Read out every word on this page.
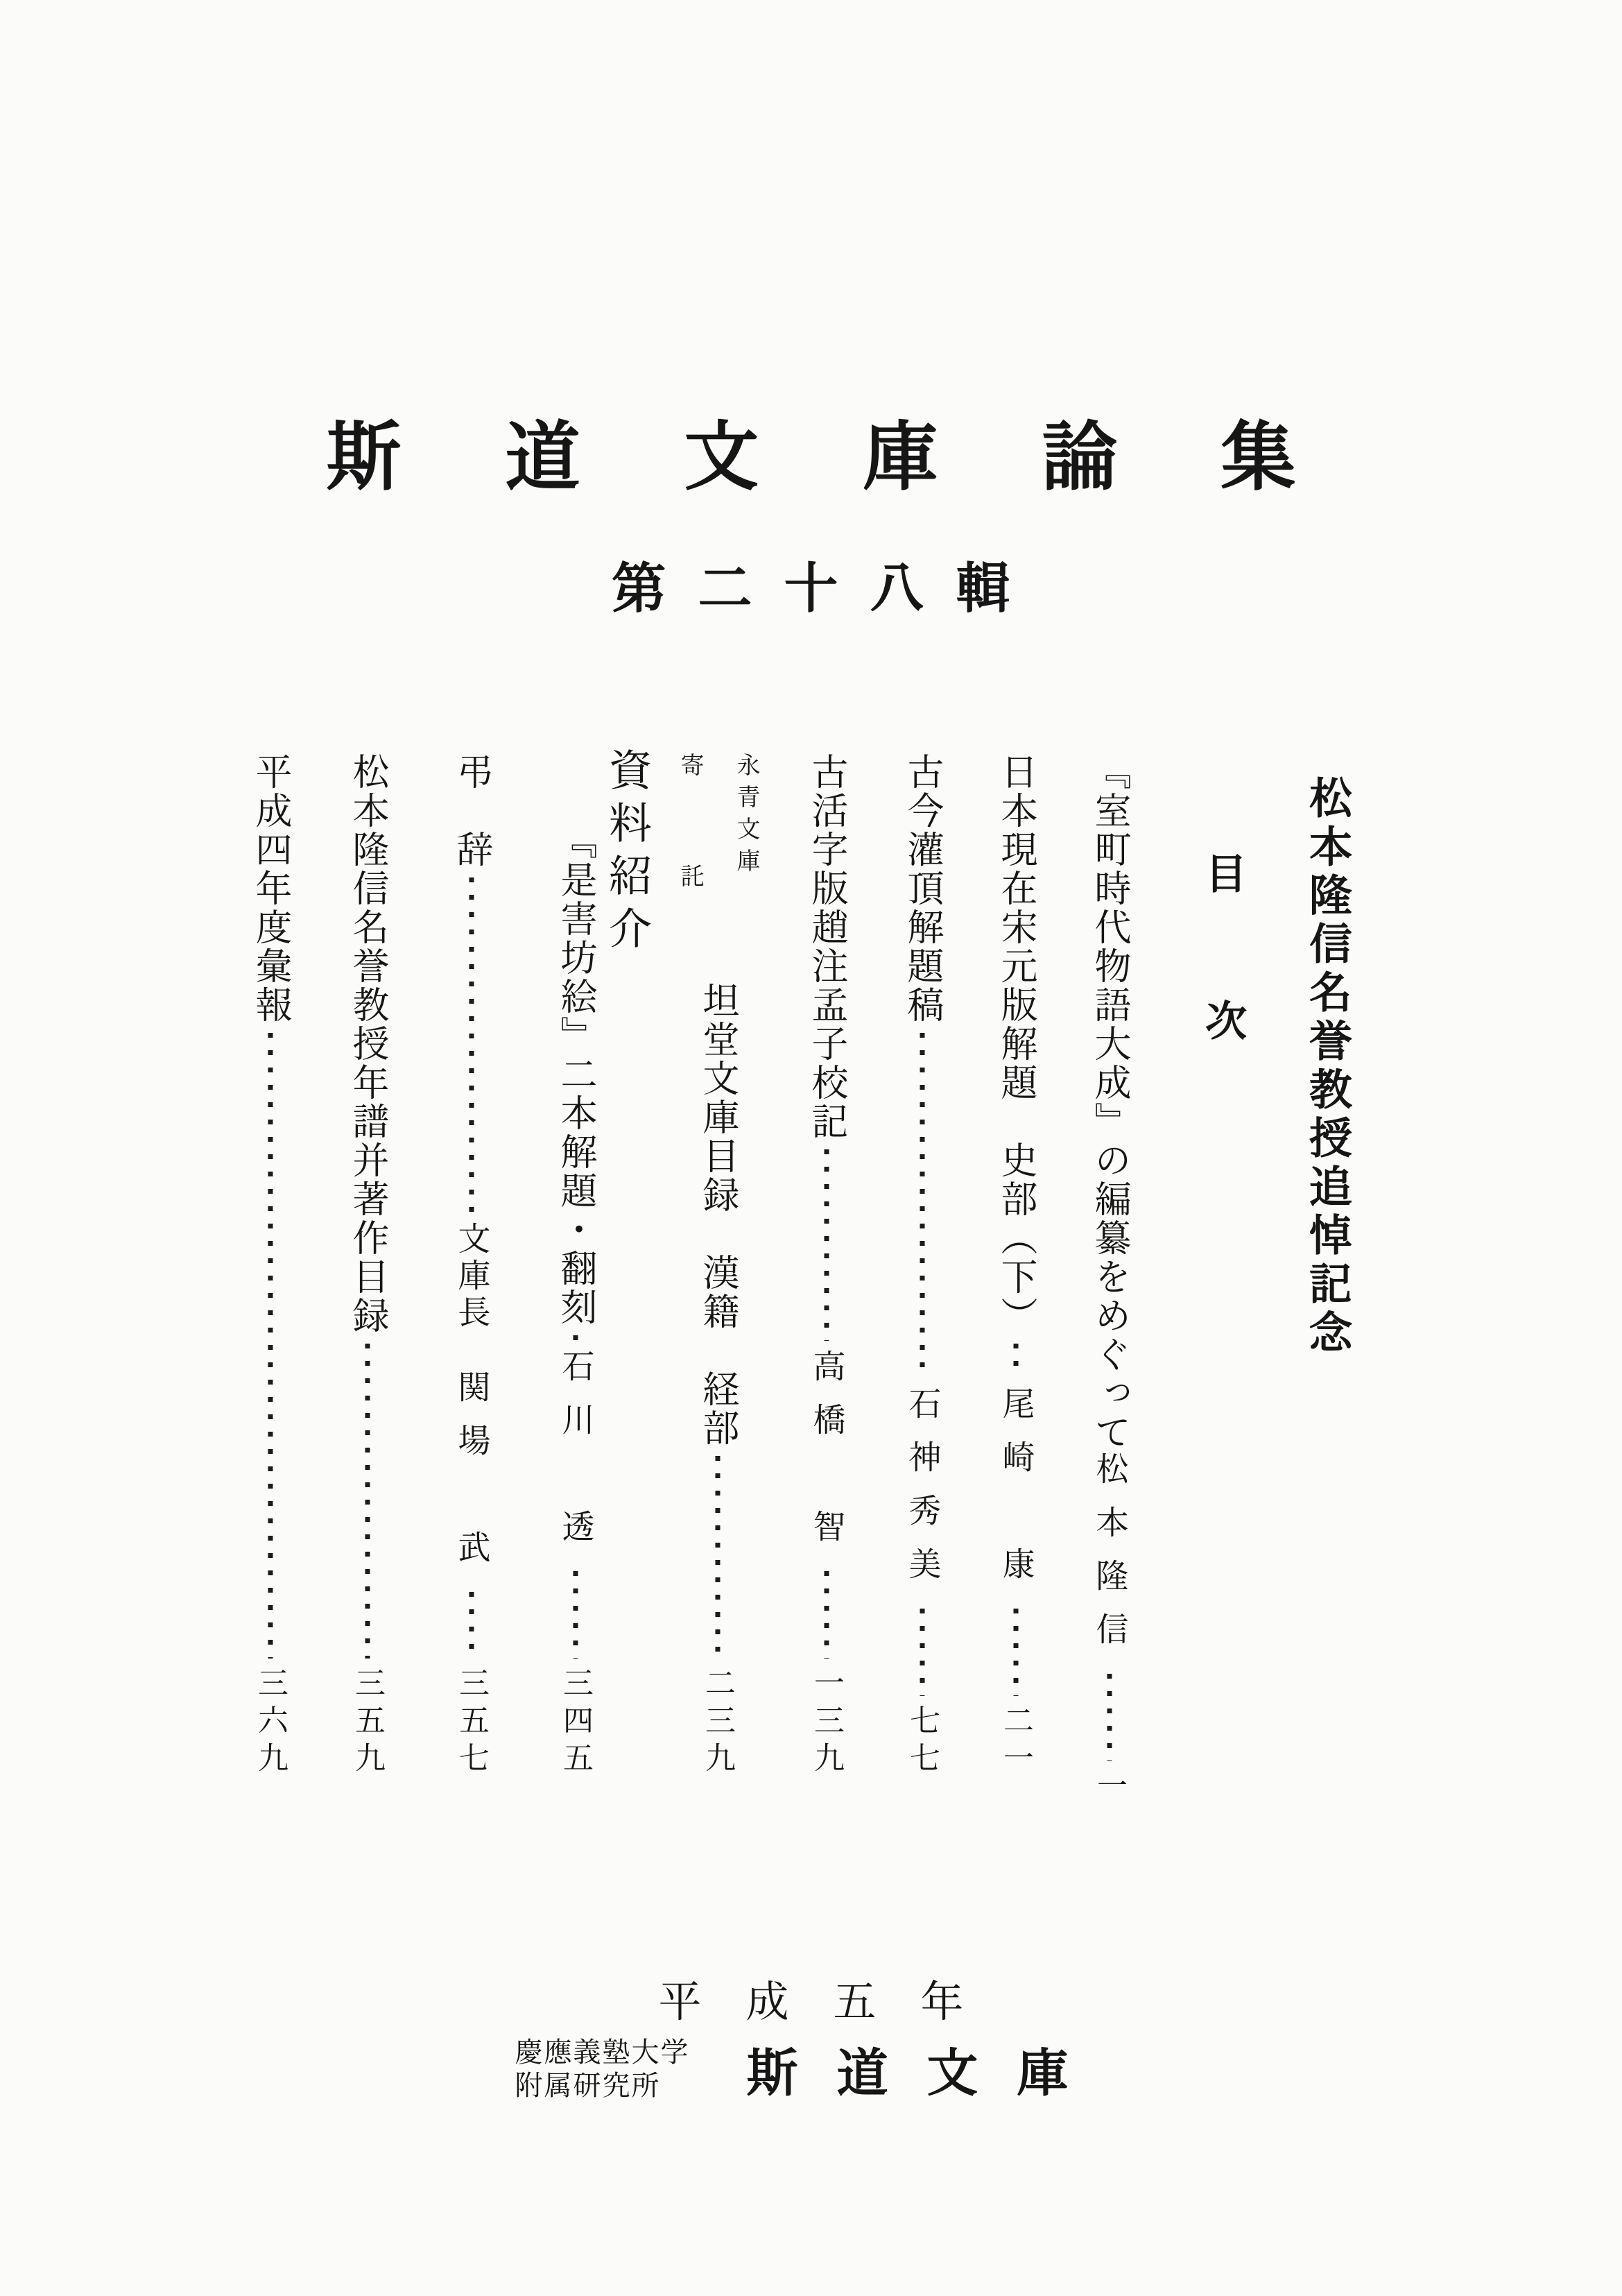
斯道文庫論集
第二十八輯
松本隆信名誉教授追悼記念
目
次
『室町時代物語大成』の編纂をめぐって
松本隆信
一
日本現在宋元版解題　史部（下）
尾崎　康
二一
古今灌頂解題稿
石神秀美
七七
古活字版趙注孟子校記
高橋　智
一三九
永青文庫
寄託
坦堂文庫目録　漢籍　経部
二三九
資料紹介
『是害坊絵』二本解題・翻刻
石川　透
三四五
弔　辞
文庫長関場　武
三五七
松本隆信名誉教授年譜并著作目録
三五九
平成四年度彙報
三六九
平成五年
慶應義塾大学
附属研究所	斯道文庫
